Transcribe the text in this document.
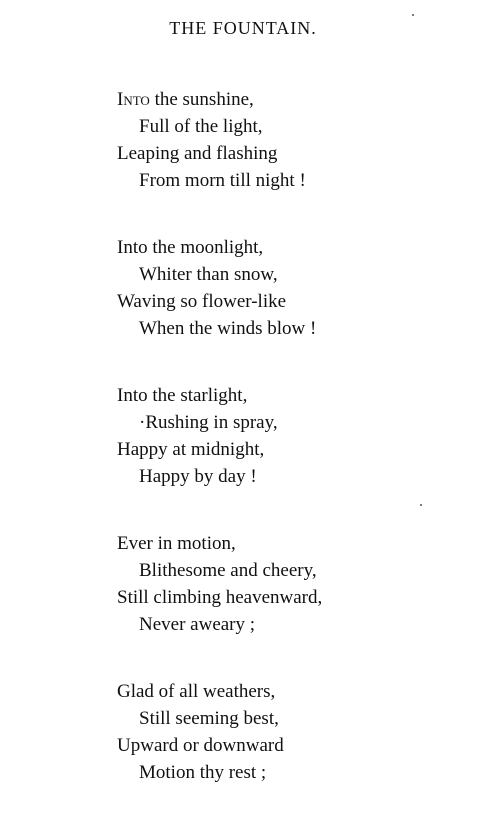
THE FOUNTAIN.
Into the sunshine,
Full of the light,
Leaping and flashing
From morn till night !
Into the moonlight,
Whiter than snow,
Waving so flower-like
When the winds blow !
Into the starlight,
·Rushing in spray,
Happy at midnight,
Happy by day !
Ever in motion,
Blithesome and cheery,
Still climbing heavenward,
Never aweary ;
Glad of all weathers,
Still seeming best,
Upward or downward
Motion thy rest ;
